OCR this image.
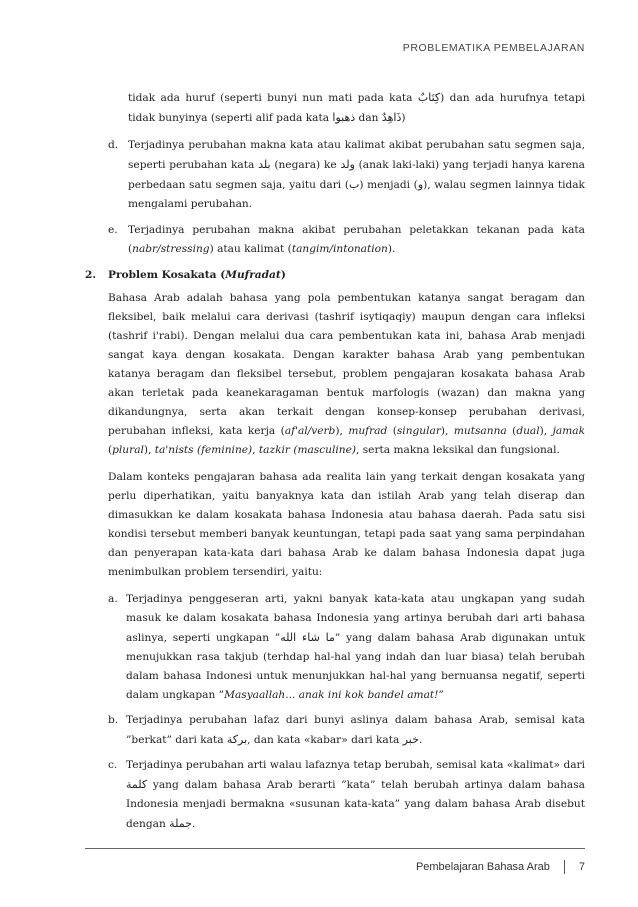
PROBLEMATIKA PEMBELAJARAN

tidak ada huruf (seperti bunyi nun mati pada kata كِتَابٌ) dan ada hurufnya tetapi tidak bunyinya (seperti alif pada kata ذهبوا dan ذَاهِدٌ)

d. Terjadinya perubahan makna kata atau kalimat akibat perubahan satu segmen saja, seperti perubahan kata بلد (negara) ke ولد (anak laki-laki) yang terjadi hanya karena perbedaan satu segmen saja, yaitu dari (ب) menjadi (و), walau segmen lainnya tidak mengalami perubahan.
e. Terjadinya perubahan makna akibat perubahan peletakkan tekanan pada kata (nabr/stressing) atau kalimat (tangim/intonation).
2. Problem Kosakata (Mufradat)

Bahasa Arab adalah bahasa yang pola pembentukan katanya sangat beragam dan fleksibel, baik melalui cara derivasi (tashrif isytiqaqiy) maupun dengan cara infleksi (tashrif i'rabi). Dengan melalui dua cara pembentukan kata ini, bahasa Arab menjadi sangat kaya dengan kosakata. Dengan karakter bahasa Arab yang pembentukan katanya beragam dan fleksibel tersebut, problem pengajaran kosakata bahasa Arab akan terletak pada keanekaragaman bentuk marfologis (wazan) dan makna yang dikandungnya, serta akan terkait dengan konsep-konsep perubahan derivasi, perubahan infleksi, kata kerja (af'al/verb), mufrad (singular), mutsanna (dual), jamak (plural), ta'nists (feminine), tazkir (masculine), serta makna leksikal dan fungsional.

Dalam konteks pengajaran bahasa ada realita lain yang terkait dengan kosakata yang perlu diperhatikan, yaitu banyaknya kata dan istilah Arab yang telah diserap dan dimasukkan ke dalam kosakata bahasa Indonesia atau bahasa daerah. Pada satu sisi kondisi tersebut memberi banyak keuntungan, tetapi pada saat yang sama perpindahan dan penyerapan kata-kata dari bahasa Arab ke dalam bahasa Indonesia dapat juga menimbulkan problem tersendiri, yaitu:

a. Terjadinya penggeseran arti, yakni banyak kata-kata atau ungkapan yang sudah masuk ke dalam kosakata bahasa Indonesia yang artinya berubah dari arti bahasa aslinya, seperti ungkapan ”ما شاء الله” yang dalam bahasa Arab digunakan untuk menujukkan rasa takjub (terhdap hal-hal yang indah dan luar biasa) telah berubah dalam bahasa Indonesi untuk menunjukkan hal-hal yang bernuansa negatif, seperti dalam ungkapan ”Masyaallah... anak ini kok bandel amat!”
b. Terjadinya perubahan lafaz dari bunyi aslinya dalam bahasa Arab, semisal kata ”berkat” dari kata بركة, dan kata «kabar» dari kata خبر.
c. Terjadinya perubahan arti walau lafaznya tetap berubah, semisal kata «kalimat» dari كلمة yang dalam bahasa Arab berarti ”kata” telah berubah artinya dalam bahasa Indonesia menjadi bermakna «susunan kata-kata” yang dalam bahasa Arab disebut dengan جملة.
Pembelajaran Bahasa Arab	7
